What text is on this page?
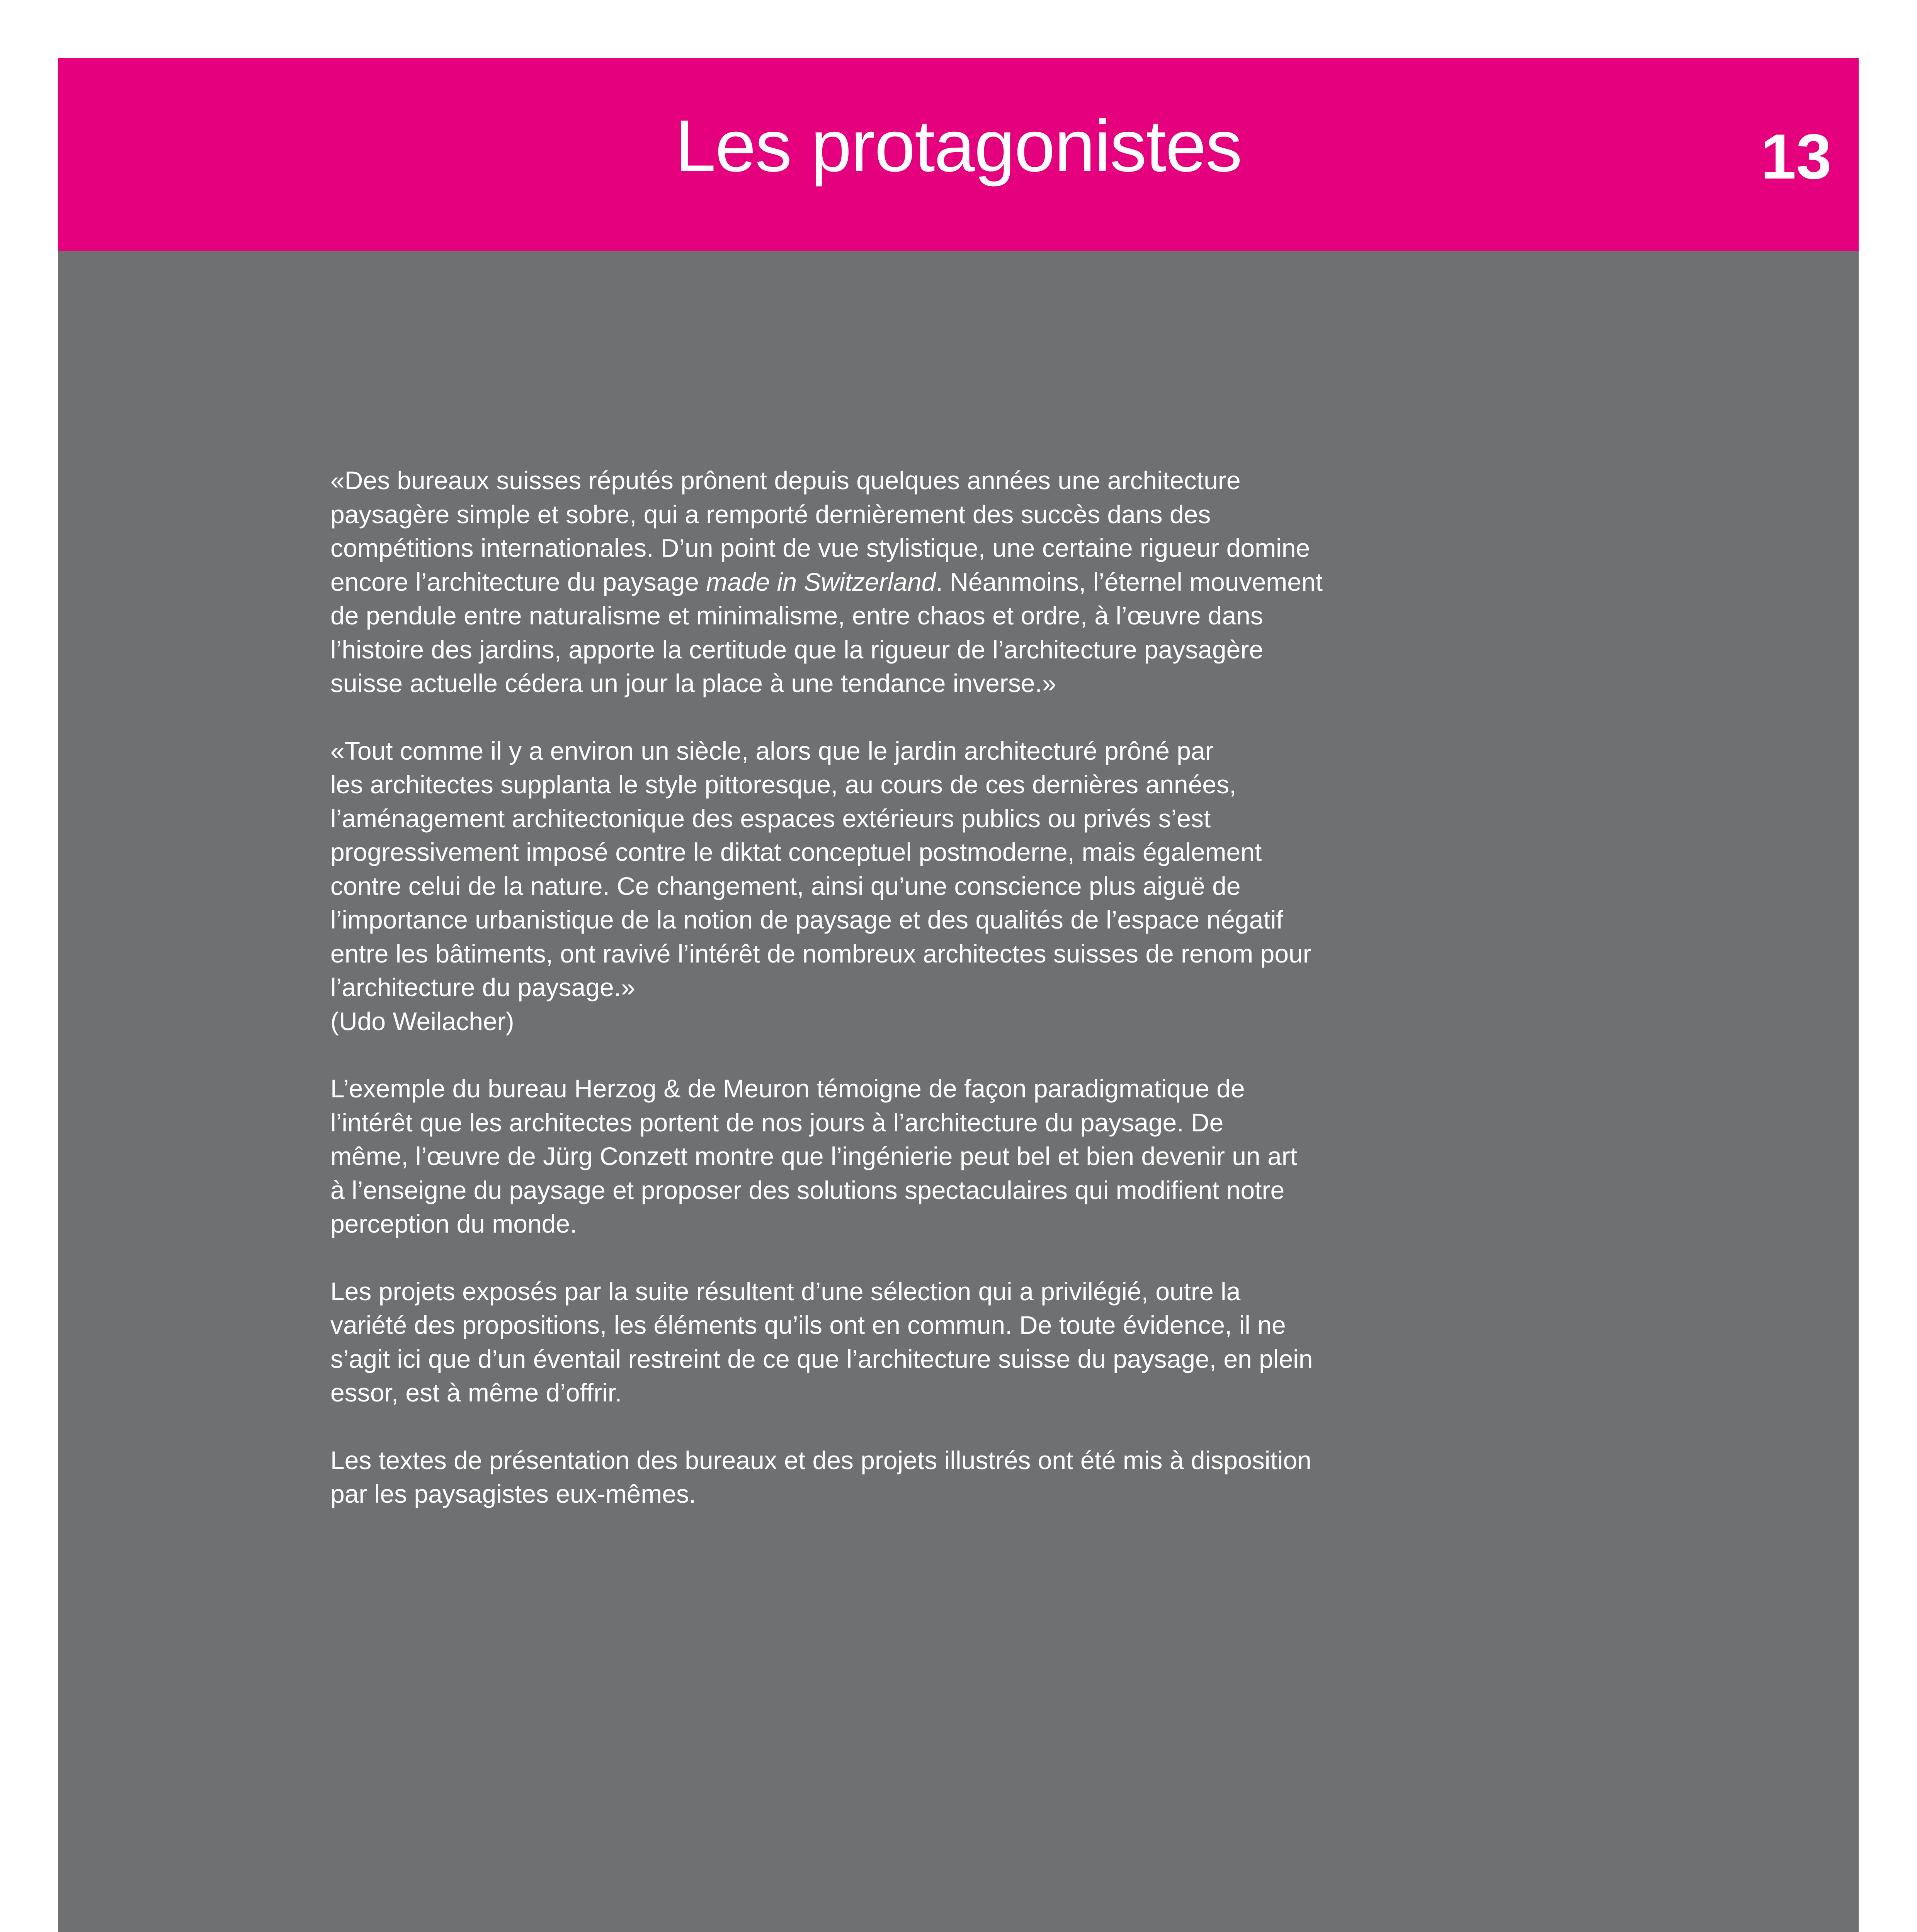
Les protagonistes	13
«Des bureaux suisses réputés prônent depuis quelques années une architecture
paysagère simple et sobre, qui a remporté dernièrement des succès dans des
compétitions internationales. D’un point de vue stylistique, une certaine rigueur domine
encore l’architecture du paysage made in Switzerland. Néanmoins, l’éternel mouvement
de pendule entre naturalisme et minimalisme, entre chaos et ordre, à l’œuvre dans
l’histoire des jardins, apporte la certitude que la rigueur de l’architecture paysagère
suisse actuelle cédera un jour la place à une tendance inverse.»
«Tout comme il y a environ un siècle, alors que le jardin architecturé prôné par
les architectes supplanta le style pittoresque, au cours de ces dernières années,
l’aménagement architectonique des espaces extérieurs publics ou privés s’est
progressivement imposé contre le diktat conceptuel postmoderne, mais également
contre celui de la nature. Ce changement, ainsi qu’une conscience plus aiguë de
l’importance urbanistique de la notion de paysage et des qualités de l’espace négatif
entre les bâtiments, ont ravivé l’intérêt de nombreux architectes suisses de renom pour
l’architecture du paysage.»
(Udo Weilacher)
L’exemple du bureau Herzog & de Meuron témoigne de façon paradigmatique de
l’intérêt que les architectes portent de nos jours à l’architecture du paysage. De
même, l’œuvre de Jürg Conzett montre que l’ingénierie peut bel et bien devenir un art
à l’enseigne du paysage et proposer des solutions spectaculaires qui modifient notre
perception du monde.
Les projets exposés par la suite résultent d’une sélection qui a privilégié, outre la
variété des propositions, les éléments qu’ils ont en commun. De toute évidence, il ne
s’agit ici que d’un éventail restreint de ce que l’architecture suisse du paysage, en plein
essor, est à même d’offrir.
Les textes de présentation des bureaux et des projets illustrés ont été mis à disposition
par les paysagistes eux-mêmes.
